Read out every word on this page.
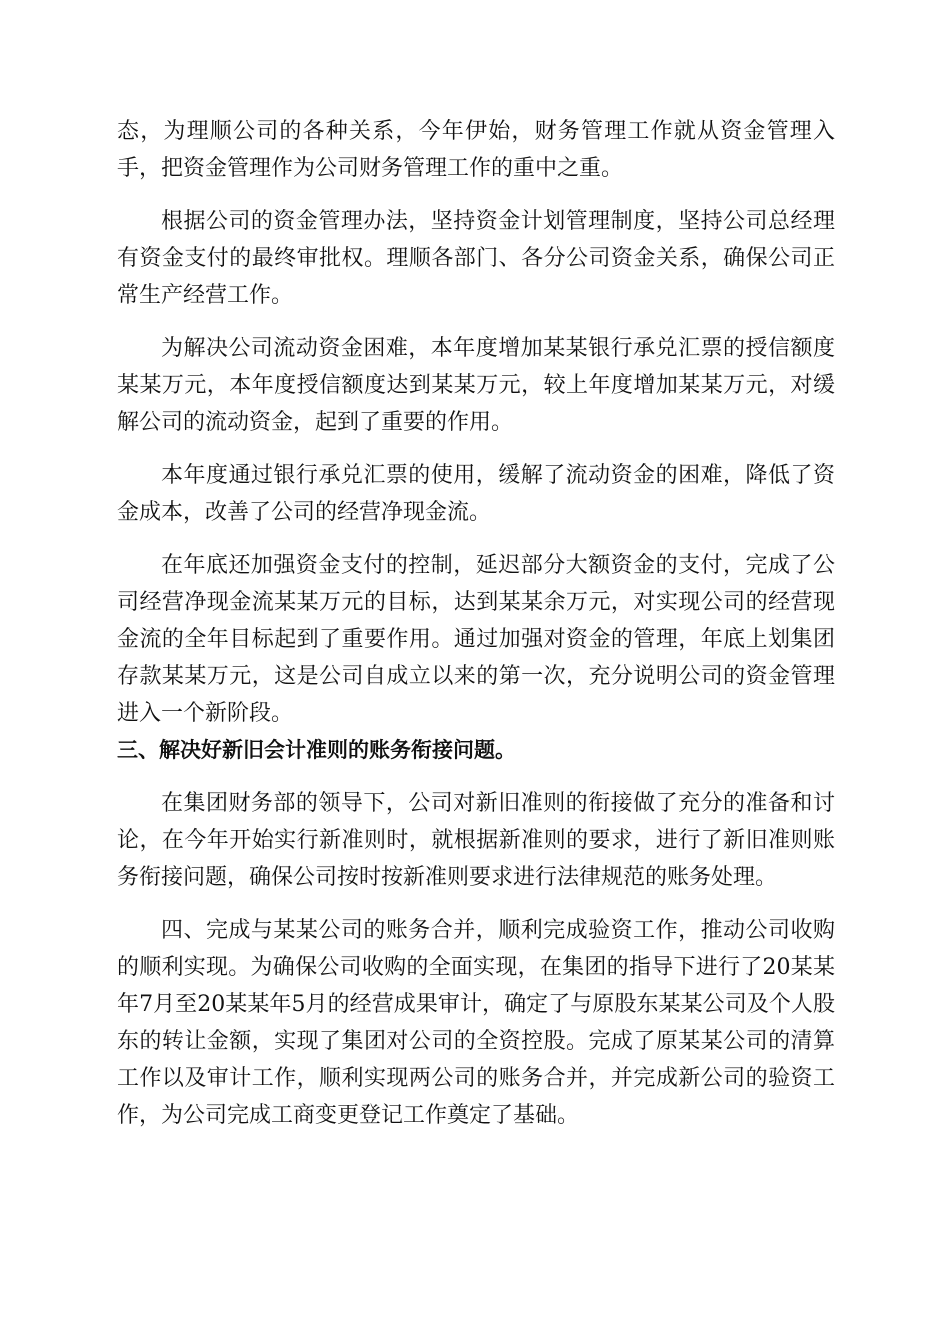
态，为理顺公司的各种关系，今年伊始，财务管理工作就从资金管理入手，把资金管理作为公司财务管理工作的重中之重。

根据公司的资金管理办法，坚持资金计划管理制度，坚持公司总经理有资金支付的最终审批权。理顺各部门、各分公司资金关系，确保公司正常生产经营工作。

为解决公司流动资金困难，本年度增加某某银行承兑汇票的授信额度某某万元，本年度授信额度达到某某万元，较上年度增加某某万元，对缓解公司的流动资金，起到了重要的作用。

本年度通过银行承兑汇票的使用，缓解了流动资金的困难，降低了资金成本，改善了公司的经营净现金流。

在年底还加强资金支付的控制，延迟部分大额资金的支付，完成了公司经营净现金流某某万元的目标，达到某某余万元，对实现公司的经营现金流的全年目标起到了重要作用。通过加强对资金的管理，年底上划集团存款某某万元，这是公司自成立以来的第一次，充分说明公司的资金管理进入一个新阶段。

三、解决好新旧会计准则的账务衔接问题。

在集团财务部的领导下，公司对新旧准则的衔接做了充分的准备和讨论，在今年开始实行新准则时，就根据新准则的要求，进行了新旧准则账务衔接问题，确保公司按时按新准则要求进行法律规范的账务处理。

四、完成与某某公司的账务合并，顺利完成验资工作，推动公司收购的顺利实现。为确保公司收购的全面实现，在集团的指导下进行了20某某年7月至20某某年5月的经营成果审计，确定了与原股东某某公司及个人股东的转让金额，实现了集团对公司的全资控股。完成了原某某公司的清算工作以及审计工作，顺利实现两公司的账务合并，并完成新公司的验资工作，为公司完成工商变更登记工作奠定了基础。
